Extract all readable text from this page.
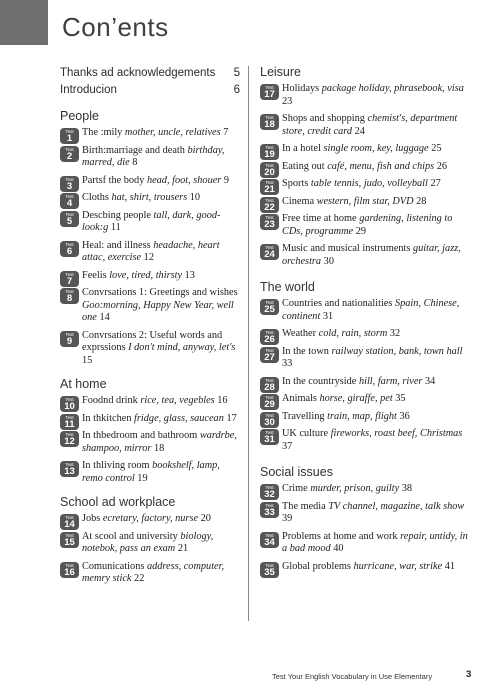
Con’ents
Thanks ad acknowledgements 5
Introducion	6
People
Test
1
The :mily mother, uncle, relatives 7
Test
2
Birth:marriage and death birthday, marred, die 8
Test
3
Partsf the body head, foot, shouer 9
Test
4
Cloths hat, shirt, trousers 10
Test
5
Descbing people tall, dark, good-look:g 11
Test
6
Heal: and illness headache, heart attac, exercise 12
Test
7
Feelis love, tired, thirsty 13
Test
8
Convrsations 1: Greetings and wishes Goo:morning, Happy New Year, well one 14
Test
9
Convrsations 2: Useful words and exprssions I don't mind, anyway, let's 15
At home
Test
10
Foodnd drink rice, tea, vegebles 16
Test
11
In thkitchen fridge, glass, saucean 17
Test
12
In thbedroom and bathroom wardrbe, shampoo, mirror 18
Test
13
In thliving room bookshelf, lamp, remo control 19
School ad workplace
Test
14
Jobs ecretary, factory, nurse 20
Test
15
At scool and university biology, notebok, pass an exam 21
Test
16
Comunications address, computer, memry stick 22
Leisure
Test
17
Holidays package holiday, phrasebook, visa 23
Test
18
Shops and shopping chemist's, department store, credit card 24
Test
19
In a hotel single room, key, luggage 25
Test
20
Eating out café, menu, fish and chips 26
Test
21
Sports table tennis, judo, volleyball 27
Test
22
Cinema western, film star, DVD 28
Test
23
Free time at home gardening, listening to CDs, programme 29
Test
24
Music and musical instruments guitar, jazz, orchestra 30
The world
Test
25
Countries and nationalities Spain, Chinese, continent 31
Test
26
Weather cold, rain, storm 32
Test
27
In the town railway station, bank, town hall 33
Test
28
In the countryside hill, farm, river 34
Test
29
Animals horse, giraffe, pet 35
Test
30
Travelling train, map, flight 36
Test
31
UK culture fireworks, roast beef, Christmas 37
Social issues
Test
32
Crime murder, prison, guilty 38
Test
33
The media TV channel, magazine, talk show 39
Test
34
Problems at home and work repair, untidy, in a bad mood 40
Test
35
Global problems hurricane, war, strike 41
Test Your English Vocabulary in Use Elementary	3
